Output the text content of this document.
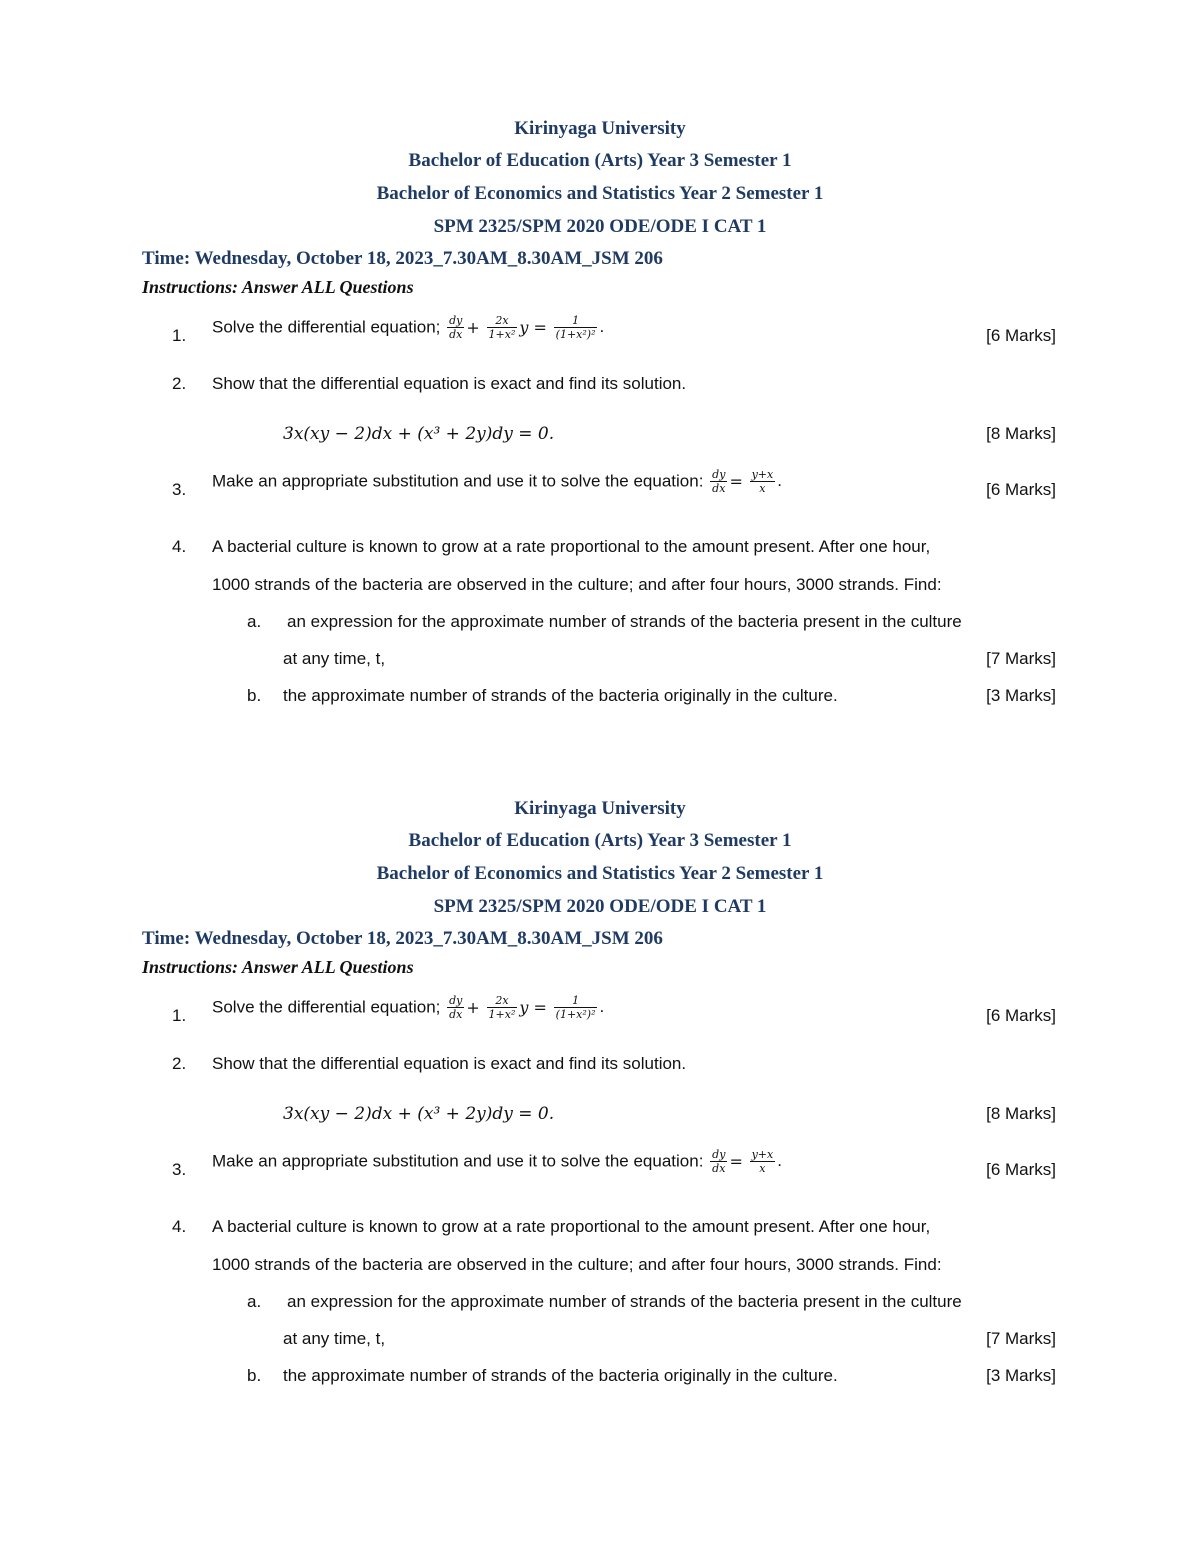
Kirinyaga University
Bachelor of Education (Arts) Year 3 Semester 1
Bachelor of Economics and Statistics Year 2 Semester 1
SPM 2325/SPM 2020 ODE/ODE I CAT 1
Time: Wednesday, October 18, 2023_7.30AM_8.30AM_JSM 206
Instructions: Answer ALL Questions
1. Solve the differential equation; $\frac{dy}{dx} + \frac{2x}{\text{1+x²}}$ $y = \frac{1}{\text{(1+x²)²}}$ .	[6 Marks]
2. Show that the differential equation is exact and find its solution.
3x(xy − 2)dx + (x³ + 2y)dy = 0.	[8 Marks]
3. Make an appropriate substitution and use it to solve the equation: $\frac{dy}{dx} = \frac{y+x}{x}$ .	[6 Marks]
4. A bacterial culture is known to grow at a rate proportional to the amount present. After one hour,
1000 strands of the bacteria are observed in the culture; and after four hours, 3000 strands. Find:
a. an expression for the approximate number of strands of the bacteria present in the culture
at any time, t,	[7 Marks]
b. the approximate number of strands of the bacteria originally in the culture.	[3 Marks]
Kirinyaga University
Bachelor of Education (Arts) Year 3 Semester 1
Bachelor of Economics and Statistics Year 2 Semester 1
SPM 2325/SPM 2020 ODE/ODE I CAT 1
Time: Wednesday, October 18, 2023_7.30AM_8.30AM_JSM 206
Instructions: Answer ALL Questions
1. Solve the differential equation; $\frac{dy}{dx} + \frac{2x}{\text{1+x²}}$ $y = \frac{1}{\text{(1+x²)²}}$ .	[6 Marks]
2. Show that the differential equation is exact and find its solution.
3x(xy − 2)dx + (x³ + 2y)dy = 0.	[8 Marks]
3. Make an appropriate substitution and use it to solve the equation: $\frac{dy}{dx} = \frac{y+x}{x}$ .	[6 Marks]
4. A bacterial culture is known to grow at a rate proportional to the amount present. After one hour,
1000 strands of the bacteria are observed in the culture; and after four hours, 3000 strands. Find:
a. an expression for the approximate number of strands of the bacteria present in the culture
at any time, t,	[7 Marks]
b. the approximate number of strands of the bacteria originally in the culture.	[3 Marks]
